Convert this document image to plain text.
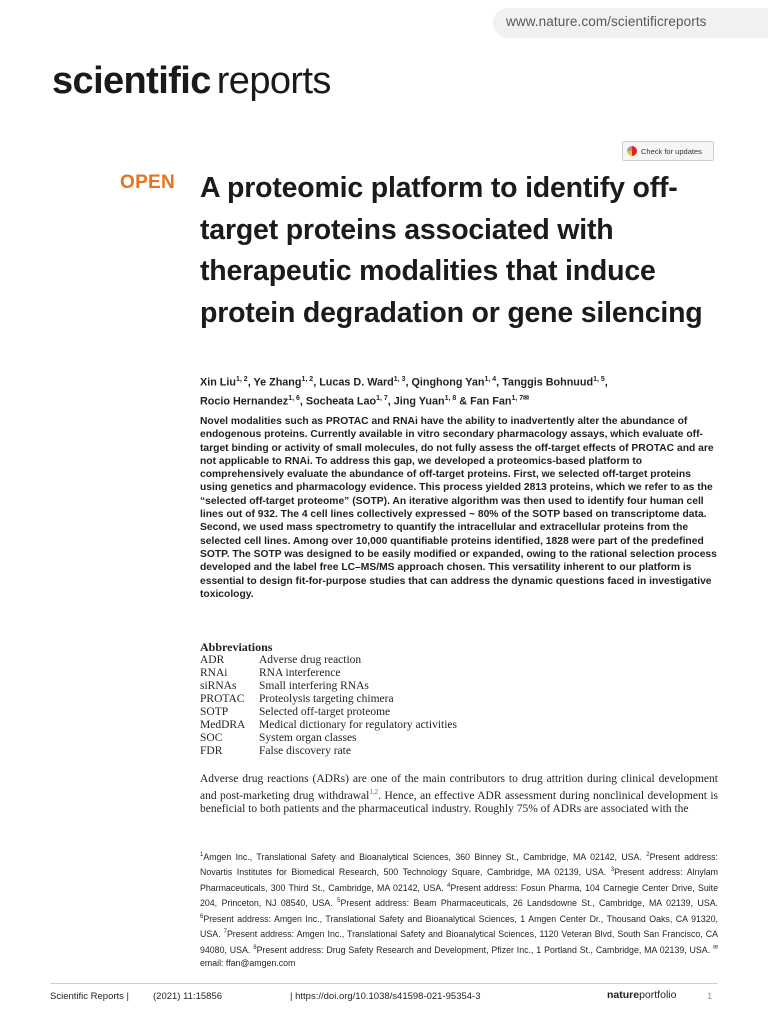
www.nature.com/scientificreports
scientific reports
Check for updates
OPEN A proteomic platform to identify off-target proteins associated with therapeutic modalities that induce protein degradation or gene silencing
Xin Liu$^{1, 2}$, Ye Zhang$^{1, 2}$, Lucas D. Ward$^{1, 3}$, Qinghong Yan$^{1, 4}$, Tanggis Bohnuud$^{1, 5}$,
Rocio Hernandez$^{1, 6}$, Socheata Lao$^{1, 7}$, Jing Yuan$^{1, 8}$ & Fan Fan$^{1, 7✉}$
Novel modalities such as PROTAC and RNAi have the ability to inadvertently alter the abundance of endogenous proteins. Currently available in vitro secondary pharmacology assays, which evaluate off-target binding or activity of small molecules, do not fully assess the off-target effects of PROTAC and are not applicable to RNAi. To address this gap, we developed a proteomics-based platform to comprehensively evaluate the abundance of off-target proteins. First, we selected off-target proteins using genetics and pharmacology evidence. This process yielded 2813 proteins, which we refer to as the “selected off-target proteome” (SOTP). An iterative algorithm was then used to identify four human cell lines out of 932. The 4 cell lines collectively expressed ~ 80% of the SOTP based on transcriptome data. Second, we used mass spectrometry to quantify the intracellular and extracellular proteins from the selected cell lines. Among over 10,000 quantifiable proteins identified, 1828 were part of the predefined SOTP. The SOTP was designed to be easily modified or expanded, owing to the rational selection process developed and the label free LC–MS/MS approach chosen. This versatility inherent to our platform is essential to design fit-for-purpose studies that can address the dynamic questions faced in investigative toxicology.
Abbreviations
ADR	Adverse drug reaction
RNAi	RNA interference
siRNAs	Small interfering RNAs
PROTAC	Proteolysis targeting chimera
SOTP	Selected off-target proteome
MedDRA	Medical dictionary for regulatory activities
SOC	System organ classes
FDR	False discovery rate
Adverse drug reactions (ADRs) are one of the main contributors to drug attrition during clinical development and post-marketing drug withdrawal$^{1,2}$. Hence, an effective ADR assessment during nonclinical development is beneficial to both patients and the pharmaceutical industry. Roughly 75% of ADRs are associated with the
$^1$Amgen Inc., Translational Safety and Bioanalytical Sciences, 360 Binney St., Cambridge, MA 02142, USA. $^2$Present address: Novartis Institutes for Biomedical Research, 500 Technology Square, Cambridge, MA 02139, USA. $^3$Present address: Alnylam Pharmaceuticals, 300 Third St., Cambridge, MA 02142, USA. $^4$Present address: Fosun Pharma, 104 Carnegie Center Drive, Suite 204, Princeton, NJ 08540, USA. $^5$Present address: Beam Pharmaceuticals, 26 Landsdowne St., Cambridge, MA 02139, USA. $^6$Present address: Amgen Inc., Translational Safety and Bioanalytical Sciences, 1 Amgen Center Dr., Thousand Oaks, CA 91320, USA. $^7$Present address: Amgen Inc., Translational Safety and Bioanalytical Sciences, 1120 Veteran Blvd, South San Francisco, CA 94080, USA. $^8$Present address: Drug Safety Research and Development, Pfizer Inc., 1 Portland St., Cambridge, MA 02139, USA. ✉email: ffan@amgen.com
Scientific Reports |	(2021) 11:15856	| https://doi.org/10.1038/s41598-021-95354-3	natureportfolio	1
